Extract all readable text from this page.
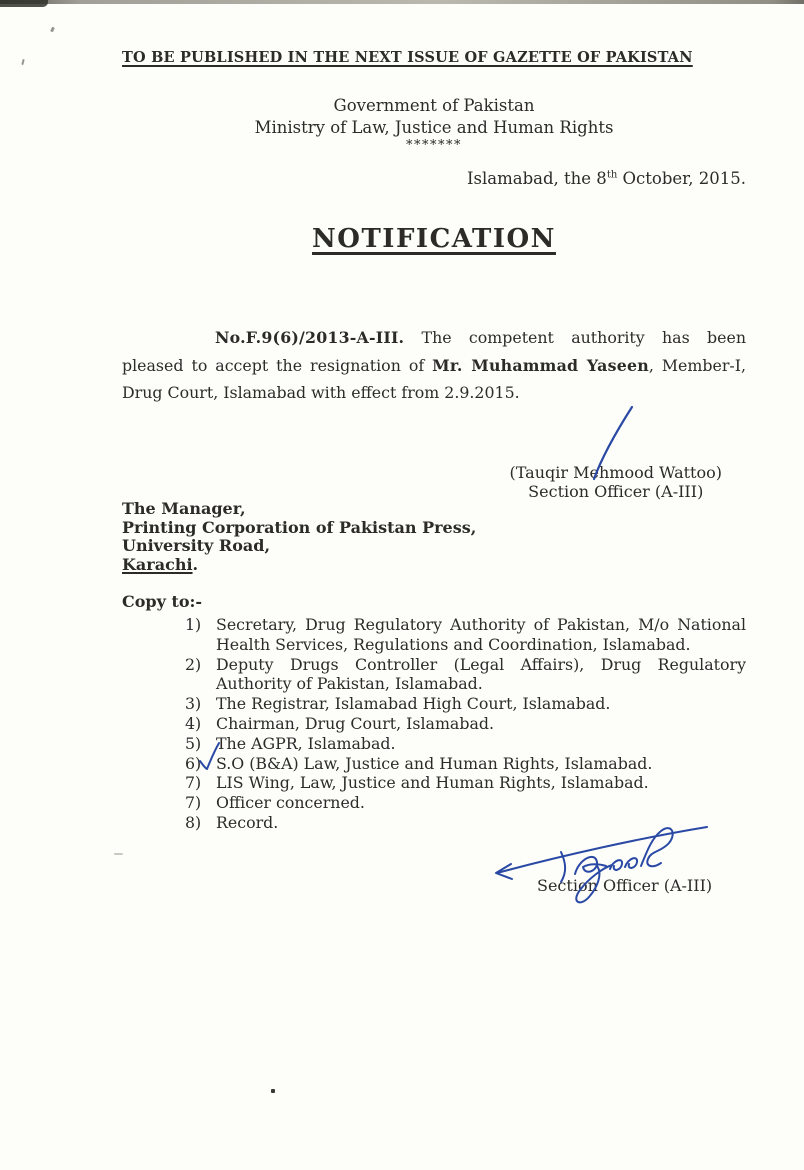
TO BE PUBLISHED IN THE NEXT ISSUE OF GAZETTE OF PAKISTAN
Government of Pakistan
Ministry of Law, Justice and Human Rights
*******
Islamabad, the 8th October, 2015.
NOTIFICATION

No.F.9(6)/2013-A-III. The competent authority has been pleased to accept the resignation of Mr. Muhammad Yaseen, Member-I, Drug Court, Islamabad with effect from 2.9.2015.

(Tauqir Mehmood Wattoo)
Section Officer (A-III)
The Manager,
Printing Corporation of Pakistan Press,
University Road,
Karachi.
Copy to:-
1) Secretary, Drug Regulatory Authority of Pakistan, M/o National Health Services, Regulations and Coordination, Islamabad.
2) Deputy Drugs Controller (Legal Affairs), Drug Regulatory Authority of Pakistan, Islamabad.
3) The Registrar, Islamabad High Court, Islamabad.
4) Chairman, Drug Court, Islamabad.
5) The AGPR, Islamabad.
6) S.O (B&A) Law, Justice and Human Rights, Islamabad.
7) LIS Wing, Law, Justice and Human Rights, Islamabad.
7) Officer concerned.
8) Record.
Section Officer (A-III)
